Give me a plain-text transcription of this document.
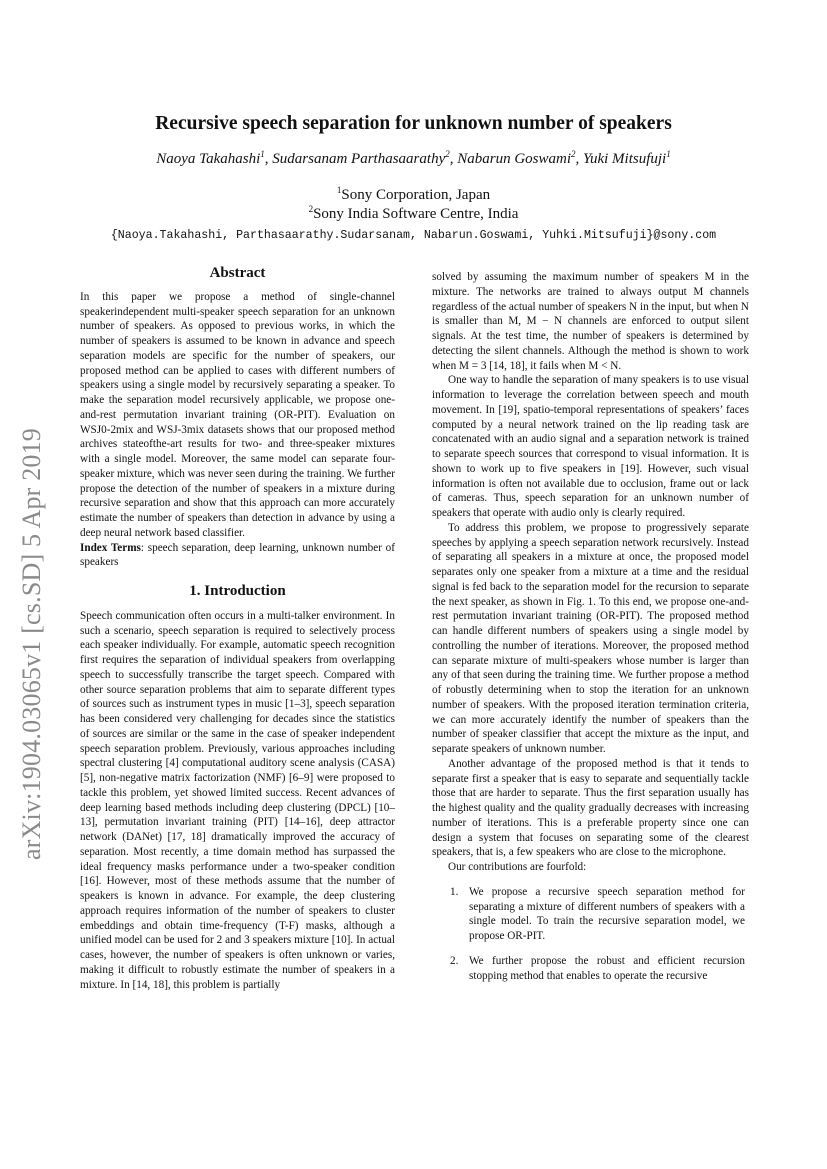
arXiv:1904.03065v1 [cs.SD] 5 Apr 2019
Recursive speech separation for unknown number of speakers
Naoya Takahashi$^1$, Sudarsanam Parthasaarathy$^2$, Nabarun Goswami$^2$, Yuki Mitsufuji$^1$
$^1$Sony Corporation, Japan
$^2$Sony India Software Centre, India
{Naoya.Takahashi, Parthasaarathy.Sudarsanam, Nabarun.Goswami, Yuhki.Mitsufuji}@sony.com
Abstract

In this paper we propose a method of single-channel speakerindependent multi-speaker speech separation for an unknown number of speakers. As opposed to previous works, in which the number of speakers is assumed to be known in advance and speech separation models are specific for the number of speakers, our proposed method can be applied to cases with different numbers of speakers using a single model by recursively separating a speaker. To make the separation model recursively applicable, we propose one-and-rest permutation invariant training (OR-PIT). Evaluation on WSJ0-2mix and WSJ-3mix datasets shows that our proposed method archives stateofthe-art results for two- and three-speaker mixtures with a single model. Moreover, the same model can separate four-speaker mixture, which was never seen during the training. We further propose the detection of the number of speakers in a mixture during recursive separation and show that this approach can more accurately estimate the number of speakers than detection in advance by using a deep neural network based classifier.

Index Terms: speech separation, deep learning, unknown number of speakers

1. Introduction

Speech communication often occurs in a multi-talker environment. In such a scenario, speech separation is required to selectively process each speaker individually. For example, automatic speech recognition first requires the separation of individual speakers from overlapping speech to successfully transcribe the target speech. Compared with other source separation problems that aim to separate different types of sources such as instrument types in music [1–3], speech separation has been considered very challenging for decades since the statistics of sources are similar or the same in the case of speaker independent speech separation problem. Previously, various approaches including spectral clustering [4] computational auditory scene analysis (CASA) [5], non-negative matrix factorization (NMF) [6–9] were proposed to tackle this problem, yet showed limited success. Recent advances of deep learning based methods including deep clustering (DPCL) [10–13], permutation invariant training (PIT) [14–16], deep attractor network (DANet) [17, 18] dramatically improved the accuracy of separation. Most recently, a time domain method has surpassed the ideal frequency masks performance under a two-speaker condition [16]. However, most of these methods assume that the number of speakers is known in advance. For example, the deep clustering approach requires information of the number of speakers to cluster embeddings and obtain time-frequency (T-F) masks, although a unified model can be used for 2 and 3 speakers mixture [10]. In actual cases, however, the number of speakers is often unknown or varies, making it difficult to robustly estimate the number of speakers in a mixture. In [14, 18], this problem is partially

solved by assuming the maximum number of speakers M in the mixture. The networks are trained to always output M channels regardless of the actual number of speakers N in the input, but when N is smaller than M, M − N channels are enforced to output silent signals. At the test time, the number of speakers is determined by detecting the silent channels. Although the method is shown to work when M = 3 [14, 18], it fails when M < N.

One way to handle the separation of many speakers is to use visual information to leverage the correlation between speech and mouth movement. In [19], spatio-temporal representations of speakers’ faces computed by a neural network trained on the lip reading task are concatenated with an audio signal and a separation network is trained to separate speech sources that correspond to visual information. It is shown to work up to five speakers in [19]. However, such visual information is often not available due to occlusion, frame out or lack of cameras. Thus, speech separation for an unknown number of speakers that operate with audio only is clearly required.

To address this problem, we propose to progressively separate speeches by applying a speech separation network recursively. Instead of separating all speakers in a mixture at once, the proposed model separates only one speaker from a mixture at a time and the residual signal is fed back to the separation model for the recursion to separate the next speaker, as shown in Fig. 1. To this end, we propose one-and-rest permutation invariant training (OR-PIT). The proposed method can handle different numbers of speakers using a single model by controlling the number of iterations. Moreover, the proposed method can separate mixture of multi-speakers whose number is larger than any of that seen during the training time. We further propose a method of robustly determining when to stop the iteration for an unknown number of speakers. With the proposed iteration termination criteria, we can more accurately identify the number of speakers than the number of speaker classifier that accept the mixture as the input, and separate speakers of unknown number.

Another advantage of the proposed method is that it tends to separate first a speaker that is easy to separate and sequentially tackle those that are harder to separate. Thus the first separation usually has the highest quality and the quality gradually decreases with increasing number of iterations. This is a preferable property since one can design a system that focuses on separating some of the clearest speakers, that is, a few speakers who are close to the microphone.

Our contributions are fourfold:

1. We propose a recursive speech separation method for separating a mixture of different numbers of speakers with a single model. To train the recursive separation model, we propose OR-PIT.
2. We further propose the robust and efficient recursion stopping method that enables to operate the recursive
